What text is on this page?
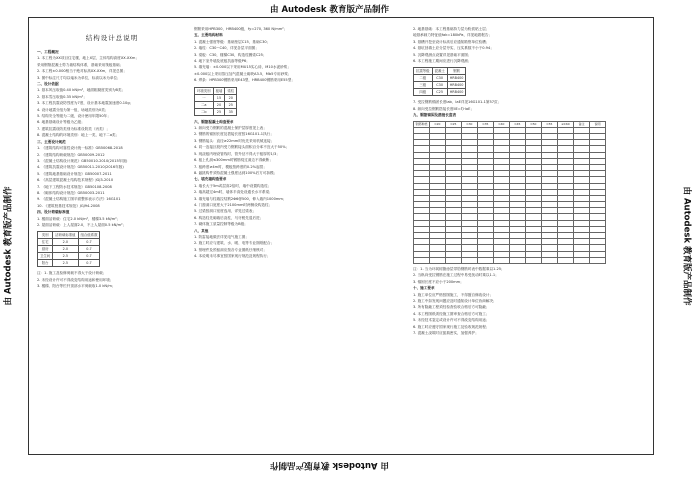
由 Autodesk 教育版产品制作
由 Autodesk 教育版产品制作
由 Autodesk 教育版产品制作	由 Autodesk 教育版产品制作
结构设计总说明
一、工程概况
1. 本工程为XX项目住宅楼，地上X层，主体结构高度XX.XXm；
采用钢筋混凝土剪力墙结构体系，基础采用筏板基础；
2. 本工程±0.000相当于绝对标高XX.XXm，详见总图；
3. 图中标注尺寸均以毫米为单位，标高以米为单位；
二、设计依据
1. 基本风压取值0.40 kN/m²，地面粗糙度类别为B类；
2. 基本雪压取值0.35 kN/m²；
3. 本工程抗震设防烈度为7度，设计基本地震加速度0.10g；
4. 设计地震分组为第一组，场地类别为II类；
5. 结构安全等级为二级，设计使用年限50年；
6. 地基基础设计等级为乙级；
7. 建筑抗震设防类别为标准设防类（丙类）；
8. 混凝土结构的环境类别：地上一类，地下二a类；
三、主要设计规范
1. 《建筑结构可靠性设计统一标准》GB50068-2018
2. 《建筑结构荷载规范》GB50009-2012
3. 《混凝土结构设计规范》GB50010-2010(2015年版)
4. 《建筑抗震设计规范》GB50011-2010(2016年版)
5. 《建筑地基基础设计规范》GB50007-2011
6. 《高层建筑混凝土结构技术规程》JGJ3-2010
7. 《地下工程防水技术规范》GB50108-2008
8. 《砌体结构设计规范》GB50003-2011
9. 《混凝土结构施工图平面整体表示方法》16G101
10. 《建筑桩基技术规范》JGJ94-2008
四、设计荷载标准值
1. 楼面活荷载：住宅2.0 kN/m²，楼梯3.5 kN/m²；
2. 屋面活荷载：上人屋面2.0，不上人屋面0.5 kN/m²；
类别	活荷载标准值	组合值系数
住宅	2.0	0.7
厨房	2.0	0.7
卫生间	2.5	0.7
阳台	2.5	0.7
注：1. 施工及检修荷载不得大于设计荷载；
2. 未经设计许可不得改变结构用途和使用环境；
3. 楼梯、阳台等栏杆顶部水平荷载取1.0 kN/m；
钢筋采用HPB300、HRB400级，fy=270, 360 N/mm²；
五、主要结构材料
1. 混凝土强度等级：基础垫层C15，基础C30；
2. 墙柱：C30~C40，详见各层平面图；
3. 梁板：C30，楼梯C30，构造柱圈梁C25；
4. 地下室外墙及底板抗渗等级P6；
5. 填充墙：±0.000以下采用MU15实心砖，M10水泥砂浆；
±0.000以上采用蒸压加气混凝土砌块A3.5，Mb5专用砂浆；
6. 焊条：HPB300钢筋采用E43型，HRB400钢筋采用E55型；
环境类别	板墙	梁柱
一	15	20
二a	20	25
二b	25	35
六、钢筋混凝土构造要求
1. 纵向受力钢筋的混凝土保护层厚度见上表；
2. 钢筋的锚固长度及搭接长度按16G101-1执行；
3. 钢筋接头：直径≥22mm时优先采用机械连接；
4. 同一连接区段内受力钢筋接头面积百分率不宜大于50%；
5. 现浇板内埋设管线时，管外径不得大于板厚的1/3；
6. 板上孔洞≤300mm时钢筋绕过洞边不得截断；
7. 板跨度≥4m时，模板按跨度的0.2%起拱；
8. 悬挑构件须待混凝土强度达到100%后方可拆模；
七、填充墙构造要求
1. 墙长大于5m或层高2倍时，墙中设置构造柱；
2. 墙高超过4m时，墙体半高处设通长水平系梁；
3. 填充墙与柱墙拉结筋2Φ6@500，伸入墙内1000mm；
4. 门窗洞口宽度大于2100mm时两侧设构造柱；
5. 过梁按洞口宽度选用，详见过梁表；
6. 构造柱先砌墙后浇柱，马牙槎先退后进；
7. 砌体施工质量控制等级为B级；
八、其他
1. 防雷接地做法详见电气施工图；
2. 施工时应与建筑、水、暖、电等专业图纸配合；
3. 预埋件及预留洞应按各专业图纸仔细核对；
4. 本说明未尽事宜按国家现行规范及规程执行；
2. 地基基础：本工程基础持力层为粉质粘土层；
地基承载力特征值fak=180kPa，详见地勘报告；
3. 基槽开挖至设计标高后应通知勘察单位验槽；
4. 基坑回填土应分层夯实，压实系数不小于0.94；
5. 沉降观测点设置详见基础平面图；
6. 本工程施工期间应进行沉降观测；
抗震等级	混凝土	钢筋
二级	C30	HRB400
三级	C30	HRB400
四级	C25	HRB400
7. 受拉钢筋锚固长度lab、laE详见16G101-1第57页；
8. 纵向受拉钢筋搭接长度llE=ζl·laE；
九、钢筋锚固及搭接长度表
钢筋种类	C20	C25	C30	C35	C40	C45	C50	C55	≥C60	备注	说明

注：1. 当为环氧树脂涂层带肋钢筋时表中数据乘以1.25；
2. 当纵向受拉钢筋在施工过程中易受扰动时乘以1.1；
3. 锚固长度不应小于200mm；
十、施工要求
1. 施工单位应严格按图施工，不得擅自修改设计；
2. 施工中如发现问题应及时通知设计单位协商解决；
3. 所有隐蔽工程须经检查验收合格后方可隐蔽；
4. 本工程图纸须经施工图审查合格后方可施工；
5. 未经技术鉴定或设计许可不得改变结构用途；
6. 施工时应遵守国家现行施工及验收规范规程；
7. 混凝土浇筑时应振捣密实，加强养护；
